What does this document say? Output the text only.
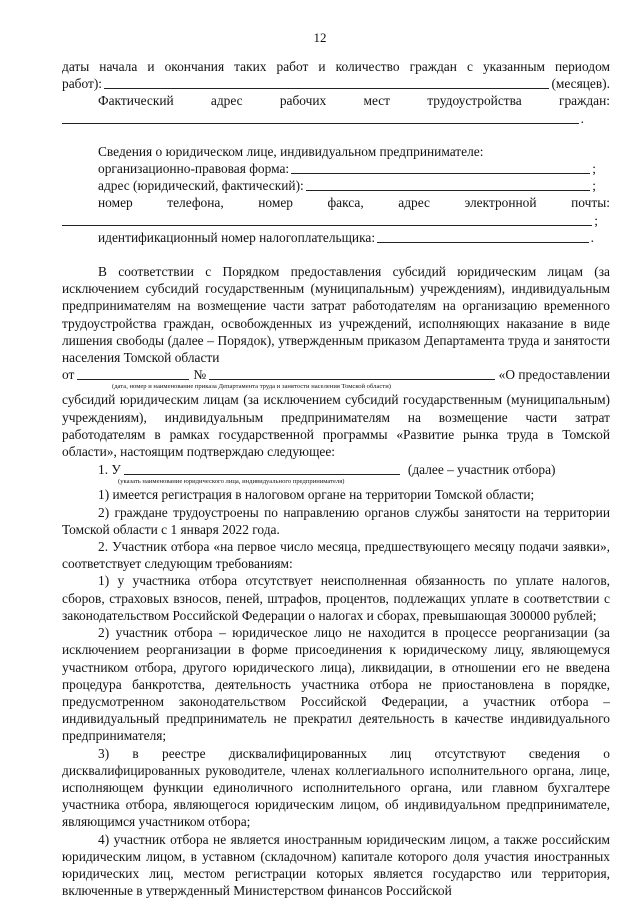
12
даты начала и окончания таких работ и количество граждан с указанным периодом
работ):	(месяцев).
Фактический	адрес	рабочих	мест	трудоустройства	граждан:
.
Сведения о юридическом лице, индивидуальном предпринимателе:
организационно-правовая форма:	;
адрес (юридический, фактический):	;
номер	телефона,	номер	факса,	адрес	электронной	почты:
;
идентификационный номер налогоплательщика:	.
В соответствии с Порядком предоставления субсидий юридическим лицам (за исключением субсидий государственным (муниципальным) учреждениям), индивидуальным предпринимателям на возмещение части затрат работодателям на организацию временного трудоустройства граждан, освобожденных из учреждений, исполняющих наказание в виде лишения свободы (далее – Порядок), утвержденным приказом Департамента труда и занятости населения Томской области
от	№	«О предоставлении
(дата, номер и наименование приказа Департамента труда и занятости населения Томской области)
субсидий юридическим лицам (за исключением субсидий государственным (муниципальным) учреждениям), индивидуальным предпринимателям на возмещение части затрат работодателям в рамках государственной программы «Развитие рынка труда в Томской области», настоящим подтверждаю следующее:
1. У	(далее – участник отбора)
(указать наименование юридического лица, индивидуального предпринимателя)
1) имеется регистрация в налоговом органе на территории Томской области;
2) граждане трудоустроены по направлению органов службы занятости на территории Томской области с 1 января 2022 года.
2. Участник отбора «на первое число месяца, предшествующего месяцу подачи заявки», соответствует следующим требованиям:
1) у участника отбора отсутствует неисполненная обязанность по уплате налогов, сборов, страховых взносов, пеней, штрафов, процентов, подлежащих уплате в соответствии с законодательством Российской Федерации о налогах и сборах, превышающая 300000 рублей;
2) участник отбора – юридическое лицо не находится в процессе реорганизации (за исключением реорганизации в форме присоединения к юридическому лицу, являющемуся участником отбора, другого юридического лица), ликвидации, в отношении его не введена процедура банкротства, деятельность участника отбора не приостановлена в порядке, предусмотренном законодательством Российской Федерации, а участник отбора – индивидуальный предприниматель не прекратил деятельность в качестве индивидуального предпринимателя;
3) в реестре дисквалифицированных лиц отсутствуют сведения о дисквалифицированных руководителе, членах коллегиального исполнительного органа, лице, исполняющем функции единоличного исполнительного органа, или главном бухгалтере участника отбора, являющегося юридическим лицом, об индивидуальном предпринимателе, являющимся участником отбора;
4) участник отбора не является иностранным юридическим лицом, а также российским юридическим лицом, в уставном (складочном) капитале которого доля участия иностранных юридических лиц, местом регистрации которых является государство или территория, включенные в утвержденный Министерством финансов Российской
